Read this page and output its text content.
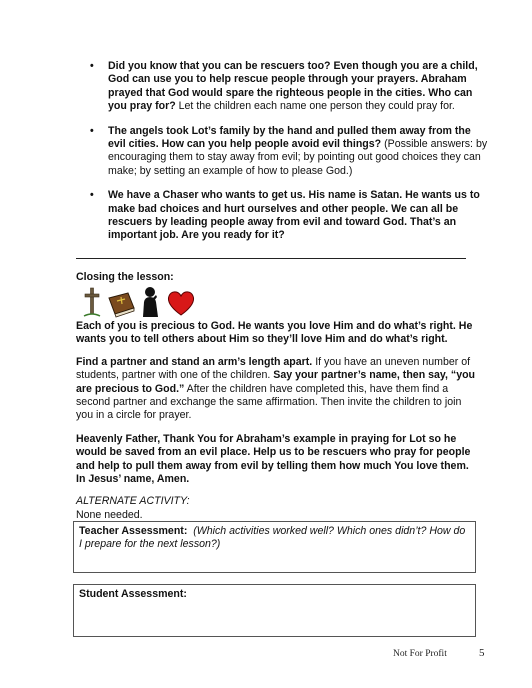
• Did you know that you can be rescuers too? Even though you are a child, God can use you to help rescue people through your prayers. Abraham prayed that God would spare the righteous people in the cities. Who can you pray for? Let the children each name one person they could pray for.
• The angels took Lot’s family by the hand and pulled them away from the evil cities. How can you help people avoid evil things? (Possible answers: by encouraging them to stay away from evil; by pointing out good choices they can make; by setting an example of how to please God.)
• We have a Chaser who wants to get us. His name is Satan. He wants us to make bad choices and hurt ourselves and other people. We can all be rescuers by leading people away from evil and toward God. That’s an important job. Are you ready for it?
Closing the lesson:

Each of you is precious to God. He wants you love Him and do what’s right. He wants you to tell others about Him so they’ll love Him and do what’s right.

Find a partner and stand an arm’s length apart. If you have an uneven number of students, partner with one of the children. Say your partner’s name, then say, “you are precious to God.” After the children have completed this, have them find a second partner and exchange the same affirmation. Then invite the children to join you in a circle for prayer.

Heavenly Father, Thank You for Abraham’s example in praying for Lot so he would be saved from an evil place. Help us to be rescuers who pray for people and help to pull them away from evil by telling them how much You love them. In Jesus’ name, Amen.

ALTERNATE ACTIVITY:
None needed.

Teacher Assessment: (Which activities worked well? Which ones didn’t? How do I prepare for the next lesson?)
Student Assessment:
Not For Profit	5
